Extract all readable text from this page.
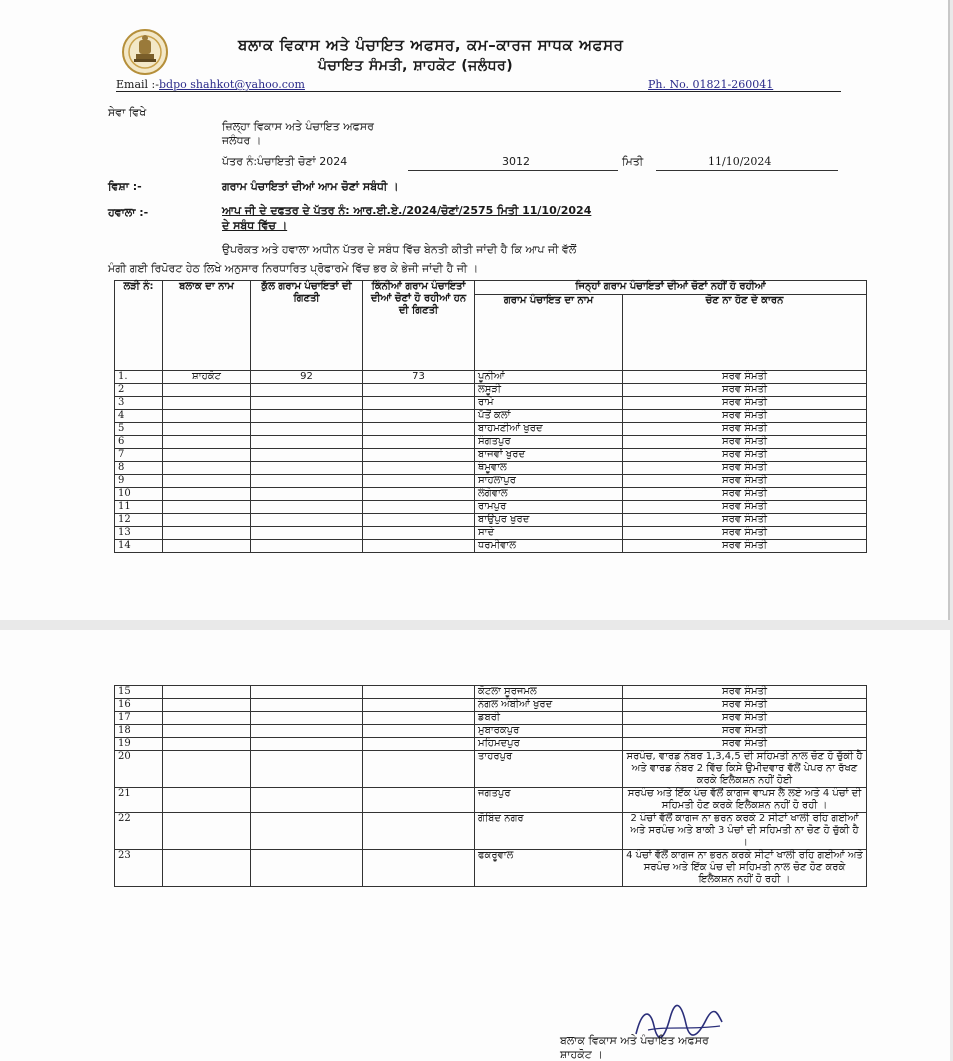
ਬਲਾਕ ਵਿਕਾਸ ਅਤੇ ਪੰਚਾਇਤ ਅਫਸਰ, ਕਮ–ਕਾਰਜ ਸਾਧਕ ਅਫਸਰ
ਪੰਚਾਇਤ ਸੰਮਤੀ, ਸ਼ਾਹਕੋਟ (ਜਲੰਧਰ)
Email :-bdpo shahkot@yahoo.com	Ph. No. 01821-260041
ਸੇਵਾ ਵਿਖੇ
ਜ਼ਿਲ੍ਹਾ ਵਿਕਾਸ ਅਤੇ ਪੰਚਾਇਤ ਅਫਸਰ
ਜਲੰਧਰ ।
ਪੱਤਰ ਨੰ:ਪੰਚਾਇਤੀ ਚੋਣਾਂ 2024	3012	ਮਿਤੀ	11/10/2024
ਵਿਸ਼ਾ :-	ਗਰਾਮ ਪੰਚਾਇਤਾਂ ਦੀਆਂ ਆਮ ਚੋਣਾਂ ਸਬੰਧੀ ।
ਹਵਾਲਾ :-	ਆਪ ਜੀ ਦੇ ਦਫਤਰ ਦੇ ਪੱਤਰ ਨੰ: ਆਰ.ਈ.ਏ./2024/ਚੋਣਾਂ/2575 ਮਿਤੀ 11/10/2024
ਦੇ ਸਬੰਧ ਵਿੱਚ ।
ਉਪਰੋਕਤ ਅਤੇ ਹਵਾਲਾ ਅਧੀਨ ਪੱਤਰ ਦੇ ਸਬੰਧ ਵਿੱਚ ਬੇਨਤੀ ਕੀਤੀ ਜਾਂਦੀ ਹੈ ਕਿ ਆਪ ਜੀ ਵੱਲੋਂ
ਮੰਗੀ ਗਈ ਰਿਪੋਰਟ ਹੇਠ ਲਿਖੇ ਅਨੁਸਾਰ ਨਿਰਧਾਰਿਤ ਪ੍ਰੋਫਾਰਮੇ ਵਿੱਚ ਭਰ ਕੇ ਭੇਜੀ ਜਾਂਦੀ ਹੈ ਜੀ ।
ਲੜੀ ਨੰ:	ਬਲਾਕ ਦਾ ਨਾਮ	ਕੁੱਲ ਗਰਾਮ ਪੰਚਾਇਤਾਂ ਦੀ ਗਿਣਤੀ	ਕਿੰਨੀਆਂ ਗਰਾਮ ਪੰਚਾਇਤਾਂ ਦੀਆਂ ਚੋਣਾਂ ਹੋ ਰਹੀਆਂ ਹਨ ਦੀ ਗਿਣਤੀ	ਜਿਨ੍ਹਾਂ ਗਰਾਮ ਪੰਚਾਇਤਾਂ ਦੀਆਂ ਚੋਣਾਂ ਨਹੀਂ ਹੋ ਰਹੀਆਂ	
				ਗਰਾਮ ਪੰਚਾਇਤ ਦਾ ਨਾਮ	ਚੋਣ ਨਾ ਹੋਣ ਦੇ ਕਾਰਨ
1.	ਸ਼ਾਹਕੋਟ	92	73	ਪੂਨੀਆਂ	ਸਰਵ ਸੰਮਤੀ
2				ਲਸੂੜੀ	ਸਰਵ ਸੰਮਤੀ
3				ਰਾਮੇ	ਸਰਵ ਸੰਮਤੀ
4				ਪੱਤੋਂ ਕਲਾਂ	ਸਰਵ ਸੰਮਤੀ
5				ਬਾਹਮਣੀਆਂ ਖੁਰਦ	ਸਰਵ ਸੰਮਤੀ
6				ਸੰਗਤਪੁਰ	ਸਰਵ ਸੰਮਤੀ
7				ਬਾਜਵਾਂ ਖੁਰਦ	ਸਰਵ ਸੰਮਤੀ
8				ਥੰਮੂਵਾਲ	ਸਰਵ ਸੰਮਤੀ
9				ਸਾਹਲਾਪੁਰ	ਸਰਵ ਸੰਮਤੀ
10				ਲੰਗੇਵਾਲ	ਸਰਵ ਸੰਮਤੀ
11				ਰਾਮਪੁਰ	ਸਰਵ ਸੰਮਤੀ
12				ਬਾਉਪੁਰ ਖੁਰਦ	ਸਰਵ ਸੰਮਤੀ
13				ਸਾਦੇ	ਸਰਵ ਸੰਮਤੀ
14				ਧਰਮੀਵਾਲ	ਸਰਵ ਸੰਮਤੀ
15				ਕੋਟਲਾ ਸੂਰਜਮਲ	ਸਰਵ ਸੰਮਤੀ
16				ਨੰਗਲ ਅੰਬੀਆਂ ਖੁਰਦ	ਸਰਵ ਸੰਮਤੀ
17				ਡਬਰੀ	ਸਰਵ ਸੰਮਤੀ
18				ਮੁਬਾਰਕਪੁਰ	ਸਰਵ ਸੰਮਤੀ
19				ਮਹਿਮਦਪੁਰ	ਸਰਵ ਸੰਮਤੀ
20				ਤਾਹਰਪੁਰ	ਸਰਪੰਚ, ਵਾਰਡ ਨੰਬਰ 1,3,4,5 ਦੀ ਸਹਿਮਤੀ ਨਾਲ ਚੋਣ ਹੋ ਚੁੱਕੀ ਹੈ ਅਤੇ ਵਾਰਡ ਨੰਬਰ 2 ਵਿੱਚ ਕਿਸੇ ਉਮੀਦਵਾਰ ਵੱਲੋਂ ਪੇਪਰ ਨਾ ਰੱਖਣ ਕਰਕੇ ਇਲੈਕਸ਼ਨ ਨਹੀਂ ਹੋਈ
21				ਜਗਤਪੁਰ	ਸਰਪੰਚ ਅਤੇ ਇੱਕ ਪੰਚ ਵੱਲੋਂ ਕਾਗਜ ਵਾਪਸ ਲੈ ਲਏ ਅਤੇ 4 ਪੰਚਾਂ ਦੀ ਸਹਿਮਤੀ ਹੋਣ ਕਰਕੇ ਇਲੈਕਸ਼ਨ ਨਹੀਂ ਹੋ ਰਹੀ ।
22				ਗੋਬਿੰਦ ਨਗਰ	2 ਪੰਚਾਂ ਵੱਲੋਂ ਕਾਗਜ ਨਾ ਭਰਨ ਕਰਕੇ 2 ਸੀਟਾਂ ਖਾਲੀ ਰਹਿ ਗਈਆਂ ਅਤੇ ਸਰਪੰਚ ਅਤੇ ਬਾਕੀ 3 ਪੰਚਾਂ ਦੀ ਸਹਿਮਤੀ ਨਾ ਚੋਣ ਹੋ ਚੁੱਕੀ ਹੈ ।
23				ਫਕਰੂਵਾਲ	4 ਪੰਚਾਂ ਵੱਲੋਂ ਕਾਗਜ ਨਾ ਭਰਨ ਕਰਕੇ ਸੀਟਾਂ ਖਾਲੀ ਰਹਿ ਗਈਆਂ ਅਤੇ ਸਰਪੰਚ ਅਤੇ ਇੱਕ ਪੰਚ ਦੀ ਸਹਿਮਤੀ ਨਾਲ ਚੋਣ ਹੋਣ ਕਰਕੇ ਇਲੈਕਸ਼ਨ ਨਹੀਂ ਹੋ ਰਹੀ ।
ਬਲਾਕ ਵਿਕਾਸ ਅਤੇ ਪੰਚਾਇਤ ਅਫਸਰ
ਸ਼ਾਹਕੋਟ ।
